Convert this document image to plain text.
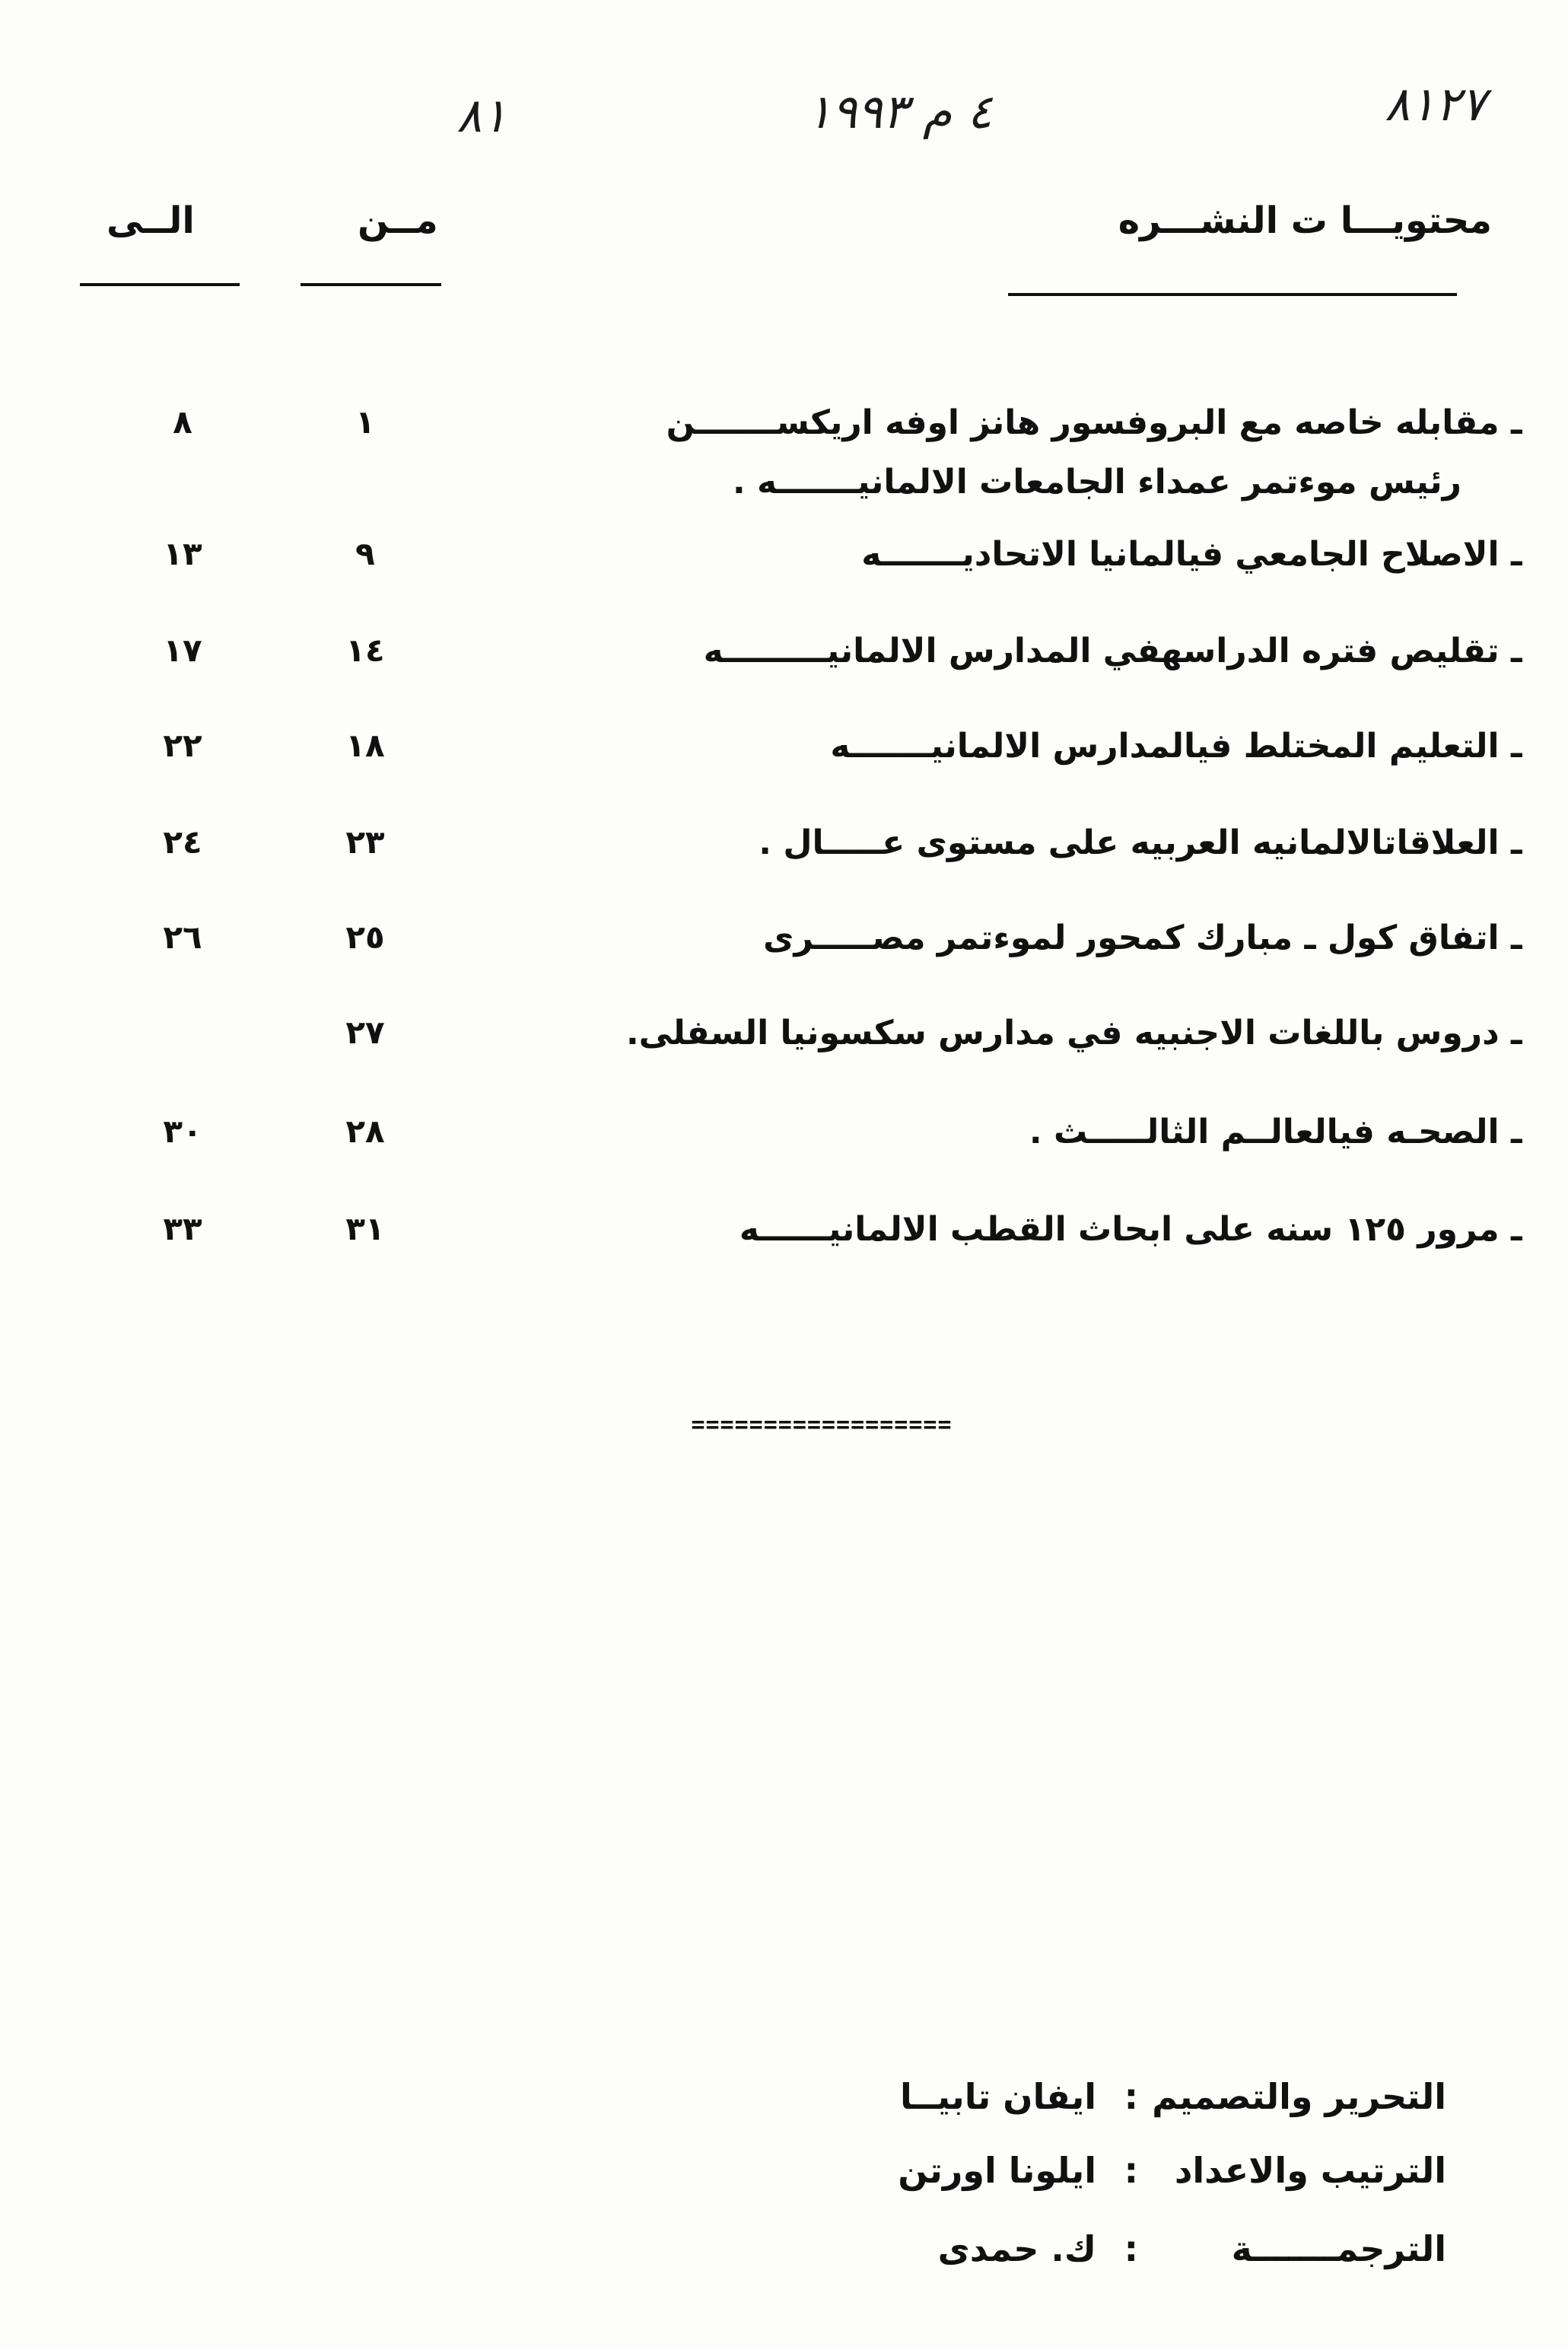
٨١	٤ م ١٩٩٣	٨١٢٧
محتويـــا ت النشـــره
مــن
الــى
ـ مقابله خاصه مع البروفسور هانز اوفه اريكســـــــن
١
٨
رئيس موءتمر عمداء الجامعات الالمانيـــــــه .
ـ الاصلاح الجامعي فيالمانيا الاتحاديـــــــه
٩
١٣
ـ تقليص فتره الدراسهفي المدارس الالمانيـــــــــه
١٤
١٧
ـ التعليم المختلط فيالمدارس الالمانيـــــــه
١٨
٢٢
ـ العلاقاتالالمانيه العربيه على مستوى عـــــال .
٢٣
٢٤
ـ اتفاق كول ـ مبارك كمحور لموءتمر مصـــــرى
٢٥
٢٦
ـ دروس باللغات الاجنبيه في مدارس سكسونيا السفلى.
٢٧
ـ الصحـه فيالعالــم الثالـــــث .
٢٨
٣٠
ـ مرور ١٢٥ سنه على ابحاث القطب الالمانيــــــه
٣١
٣٣
==================
التحرير والتصميم
:
ايفان تابيــا
الترتيب والاعداد
:
ايلونا اورتن
الترجمـــــــة
:
ك. حمدى
